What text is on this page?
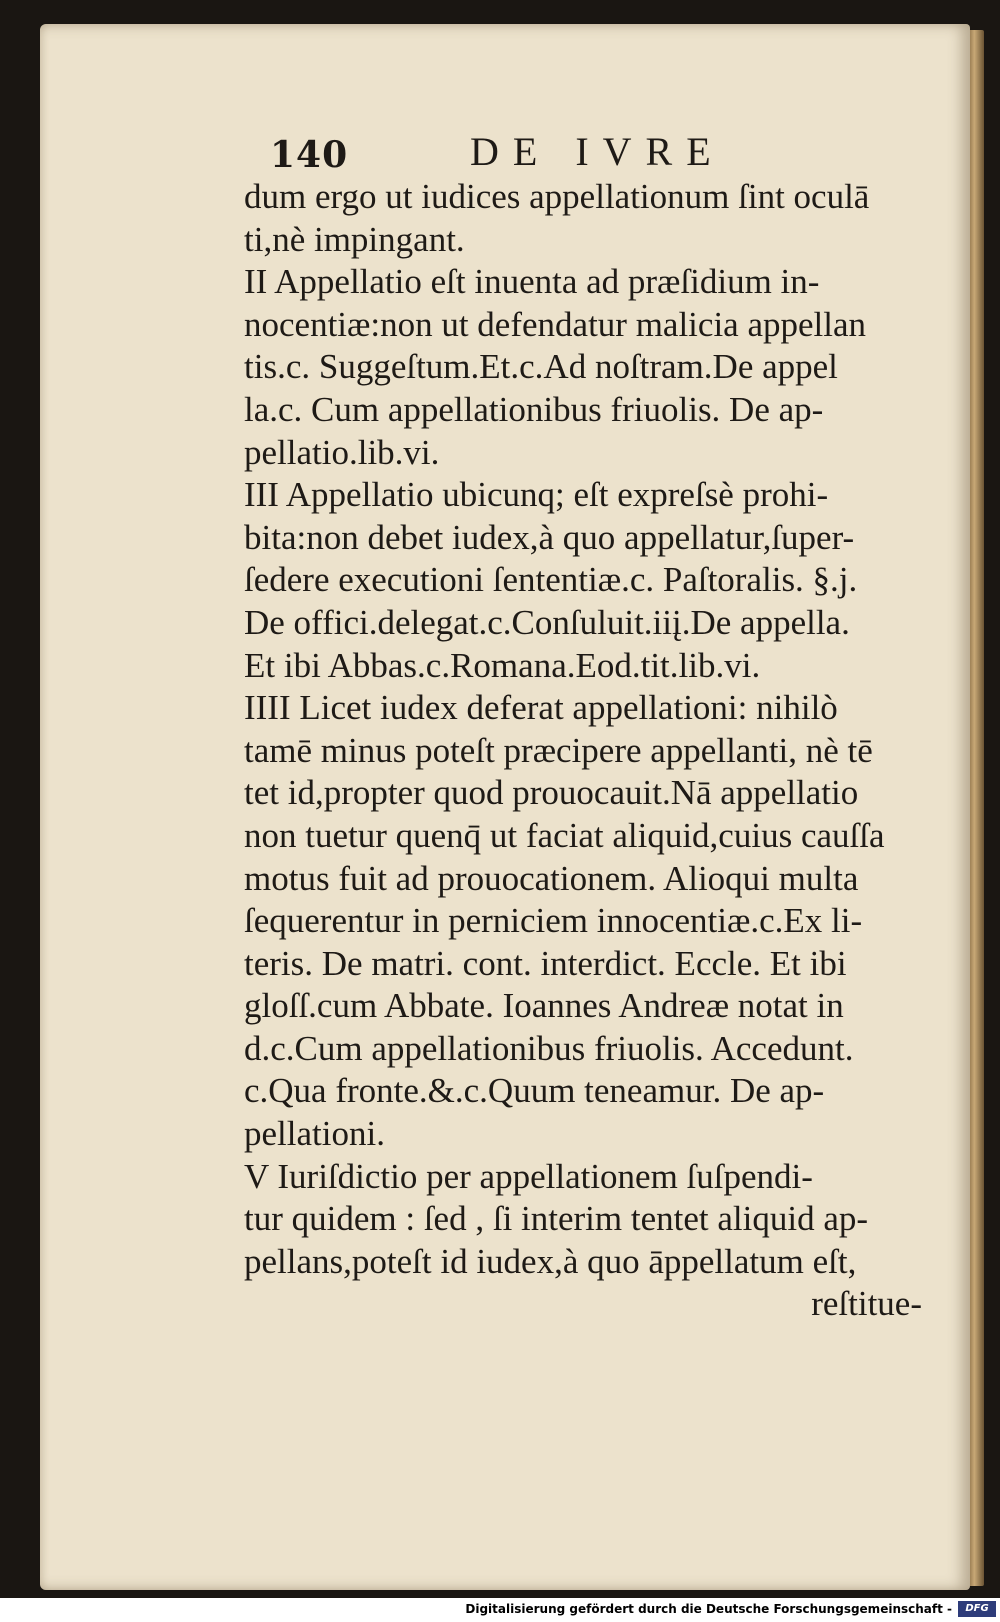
140	DE IVRE
dum ergo ut iudices appellationum ſint oculā
ti,nè impingant.
II Appellatio eſt inuenta ad præſidium in-
nocentiæ:non ut defendatur malicia appellan
tis.c. Suggeſtum.Et.c.Ad noſtram.De appel
la.c. Cum appellationibus friuolis. De ap-
pellatio.lib.vi.
III Appellatio ubicunq; eſt expreſsè prohi-
bita:non debet iudex,à quo appellatur,ſuper-
ſedere executioni ſententiæ.c. Paſtoralis. §.j.
De offici.delegat.c.Conſuluit.iiį.De appella.
Et ibi Abbas.c.Romana.Eod.tit.lib.vi.
IIII Licet iudex deferat appellationi: nihilò
tamē minus poteſt præcipere appellanti, nè tē
tet id,propter quod prouocauit.Nā appellatio
non tuetur quenq̄ ut faciat aliquid,cuius cauſſa
motus fuit ad prouocationem. Alioqui multa
ſequerentur in perniciem innocentiæ.c.Ex li-
teris. De matri. cont. interdict. Eccle. Et ibi
gloſſ.cum Abbate. Ioannes Andreæ notat in
d.c.Cum appellationibus friuolis. Accedunt.
c.Qua fronte.&.c.Quum teneamur. De ap-
pellationi.
V Iuriſdictio per appellationem ſuſpendi-
tur quidem : ſed , ſi interim tentet aliquid ap-
pellans,poteſt id iudex,à quo āppellatum eſt,
reſtitue-
Digitalisierung gefördert durch die Deutsche Forschungsgemeinschaft -	DFG
